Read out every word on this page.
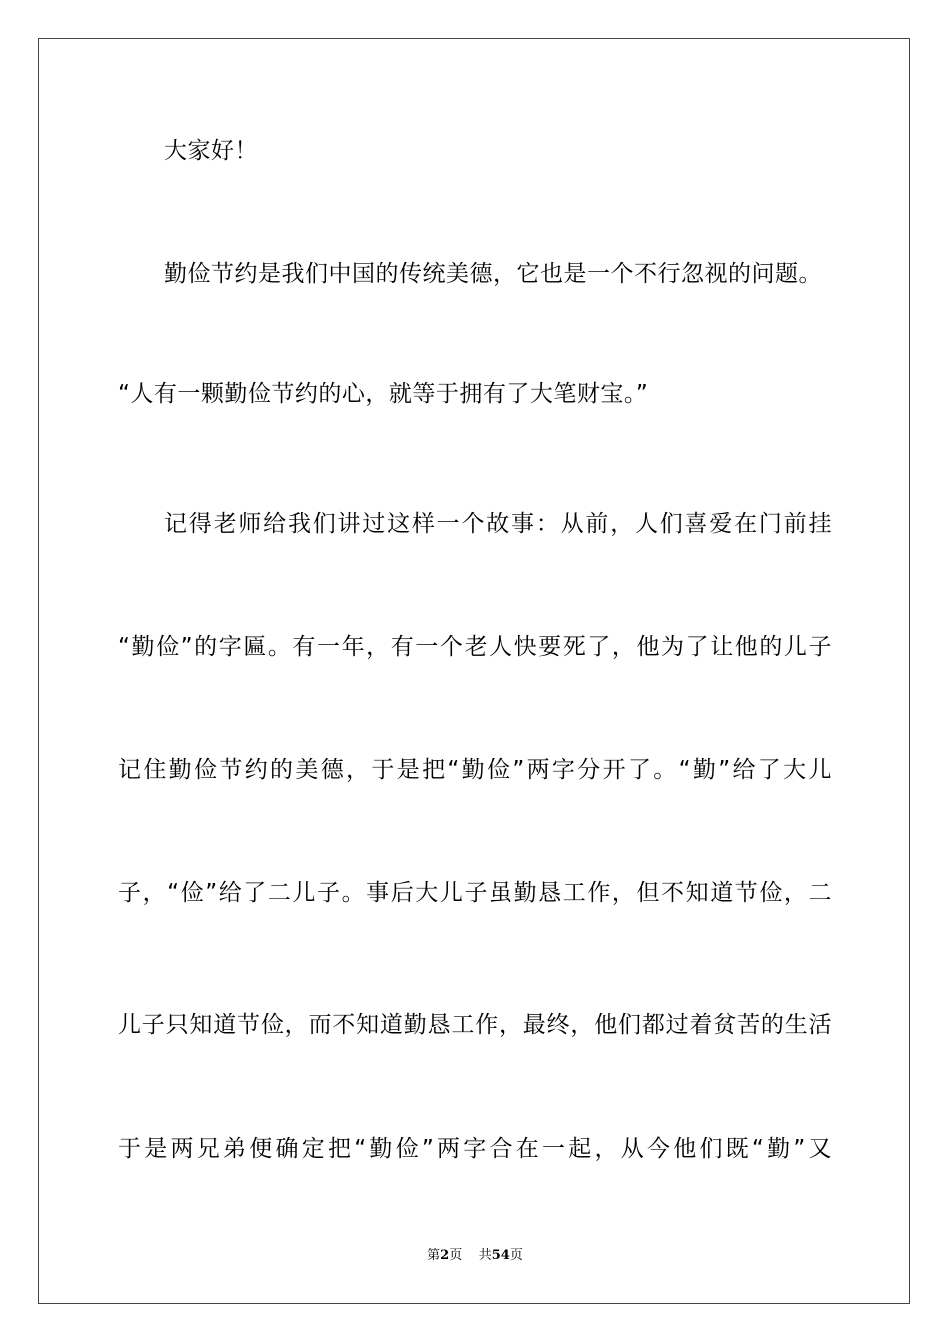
大家好！
勤俭节约是我们中国的传统美德，它也是一个不行忽视的问题。
“人有一颗勤俭节约的心，就等于拥有了大笔财宝。”
记得老师给我们讲过这样一个故事：从前，人们喜爱在门前挂
“勤俭”的字匾。有一年，有一个老人快要死了，他为了让他的儿子
记住勤俭节约的美德，于是把“勤俭”两字分开了。“勤”给了大儿
子，“俭”给了二儿子。事后大儿子虽勤恳工作，但不知道节俭，二
儿子只知道节俭，而不知道勤恳工作，最终，他们都过着贫苦的生活
于是两兄弟便确定把“勤俭”两字合在一起，从今他们既“勤”又
第2页 共54页
